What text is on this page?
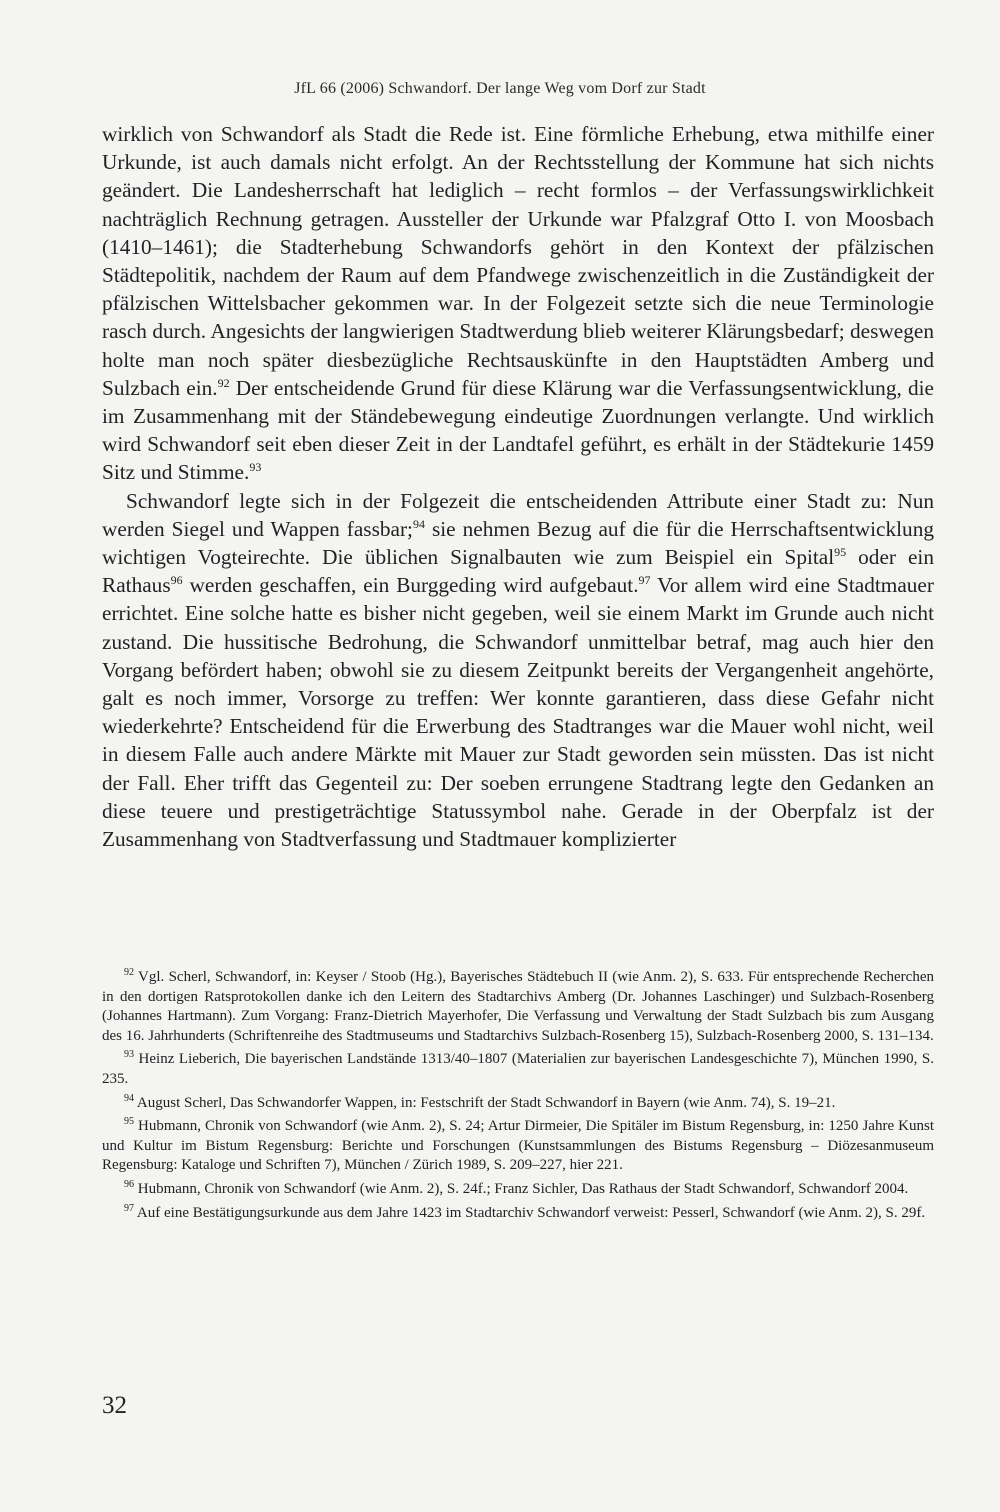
JfL 66 (2006) Schwandorf. Der lange Weg vom Dorf zur Stadt

wirklich von Schwandorf als Stadt die Rede ist. Eine förmliche Erhebung, etwa mithilfe einer Urkunde, ist auch damals nicht erfolgt. An der Rechtsstellung der Kommune hat sich nichts geändert. Die Landesherrschaft hat lediglich – recht formlos – der Verfassungswirklichkeit nachträglich Rechnung getragen. Aussteller der Urkunde war Pfalzgraf Otto I. von Moosbach (1410–1461); die Stadterhebung Schwandorfs gehört in den Kontext der pfälzischen Städtepolitik, nachdem der Raum auf dem Pfandwege zwischenzeitlich in die Zuständigkeit der pfälzischen Wittelsbacher gekommen war. In der Folgezeit setzte sich die neue Terminologie rasch durch. Angesichts der langwierigen Stadtwerdung blieb weiterer Klärungsbedarf; deswegen holte man noch später diesbezügliche Rechtsauskünfte in den Hauptstädten Amberg und Sulzbach ein.$^{92}$ Der entscheidende Grund für diese Klärung war die Verfassungsentwicklung, die im Zusammenhang mit der Ständebewegung eindeutige Zuordnungen verlangte. Und wirklich wird Schwandorf seit eben dieser Zeit in der Landtafel geführt, es erhält in der Städtekurie 1459 Sitz und Stimme.$^{93}$

Schwandorf legte sich in der Folgezeit die entscheidenden Attribute einer Stadt zu: Nun werden Siegel und Wappen fassbar;$^{94}$ sie nehmen Bezug auf die für die Herrschaftsentwicklung wichtigen Vogteirechte. Die üblichen Signalbauten wie zum Beispiel ein Spital$^{95}$ oder ein Rathaus$^{96}$ werden geschaffen, ein Burggeding wird aufgebaut.$^{97}$ Vor allem wird eine Stadtmauer errichtet. Eine solche hatte es bisher nicht gegeben, weil sie einem Markt im Grunde auch nicht zustand. Die hussitische Bedrohung, die Schwandorf unmittelbar betraf, mag auch hier den Vorgang befördert haben; obwohl sie zu diesem Zeitpunkt bereits der Vergangenheit angehörte, galt es noch immer, Vorsorge zu treffen: Wer konnte garantieren, dass diese Gefahr nicht wiederkehrte? Entscheidend für die Erwerbung des Stadtranges war die Mauer wohl nicht, weil in diesem Falle auch andere Märkte mit Mauer zur Stadt geworden sein müssten. Das ist nicht der Fall. Eher trifft das Gegenteil zu: Der soeben errungene Stadtrang legte den Gedanken an diese teuere und prestigeträchtige Statussymbol nahe. Gerade in der Oberpfalz ist der Zusammenhang von Stadtverfassung und Stadtmauer komplizierter

$^{92}$ Vgl. Scherl, Schwandorf, in: Keyser / Stoob (Hg.), Bayerisches Städtebuch II (wie Anm. 2), S. 633. Für entsprechende Recherchen in den dortigen Ratsprotokollen danke ich den Leitern des Stadtarchivs Amberg (Dr. Johannes Laschinger) und Sulzbach-Rosenberg (Johannes Hartmann). Zum Vorgang: Franz-Dietrich Mayerhofer, Die Verfassung und Verwaltung der Stadt Sulzbach bis zum Ausgang des 16. Jahrhunderts (Schriftenreihe des Stadtmuseums und Stadtarchivs Sulzbach-Rosenberg 15), Sulzbach-Rosenberg 2000, S. 131–134.

$^{93}$ Heinz Lieberich, Die bayerischen Landstände 1313/40–1807 (Materialien zur bayerischen Landesgeschichte 7), München 1990, S. 235.

$^{94}$ August Scherl, Das Schwandorfer Wappen, in: Festschrift der Stadt Schwandorf in Bayern (wie Anm. 74), S. 19–21.

$^{95}$ Hubmann, Chronik von Schwandorf (wie Anm. 2), S. 24; Artur Dirmeier, Die Spitäler im Bistum Regensburg, in: 1250 Jahre Kunst und Kultur im Bistum Regensburg: Berichte und Forschungen (Kunstsammlungen des Bistums Regensburg – Diözesanmuseum Regensburg: Kataloge und Schriften 7), München / Zürich 1989, S. 209–227, hier 221.

$^{96}$ Hubmann, Chronik von Schwandorf (wie Anm. 2), S. 24f.; Franz Sichler, Das Rathaus der Stadt Schwandorf, Schwandorf 2004.

$^{97}$ Auf eine Bestätigungsurkunde aus dem Jahre 1423 im Stadtarchiv Schwandorf verweist: Pesserl, Schwandorf (wie Anm. 2), S. 29f.

32
